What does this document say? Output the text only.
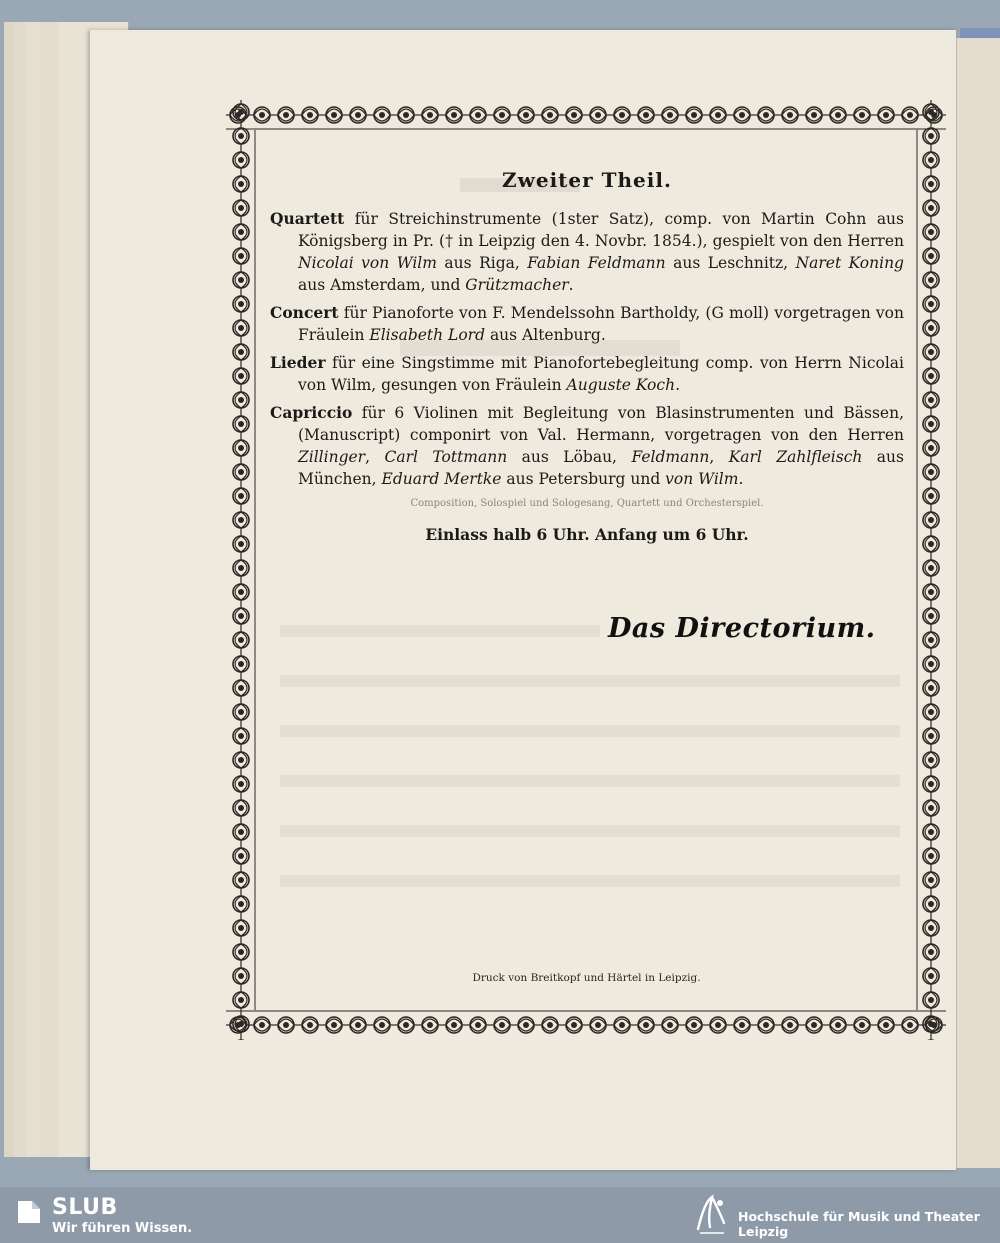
Zweiter Theil.

Quartett für Streichinstrumente (1ster Satz), comp. von Martin Cohn aus Königsberg in Pr. († in Leipzig den 4. Novbr. 1854.), gespielt von den Herren Nicolai von Wilm aus Riga, Fabian Feldmann aus Leschnitz, Naret Koning aus Amsterdam, und Grützmacher.

Concert für Pianoforte von F. Mendelssohn Bartholdy, (G moll) vorgetragen von Fräulein Elisabeth Lord aus Altenburg.

Lieder für eine Singstimme mit Pianofortebegleitung comp. von Herrn Nicolai von Wilm, gesungen von Fräulein Auguste Koch.

Capriccio für 6 Violinen mit Begleitung von Blasinstrumenten und Bässen, (Manuscript) componirt von Val. Hermann, vorgetragen von den Herren Zillinger, Carl Tottmann aus Löbau, Feldmann, Karl Zahlfleisch aus München, Eduard Mertke aus Petersburg und von Wilm.

Composition, Solospiel und Sologesang, Quartett und Orchesterspiel.
Einlass halb 6 Uhr. Anfang um 6 Uhr.
Das Directorium.
Druck von Breitkopf und Härtel in Leipzig.
SLUB
Wir führen Wissen.
Hochschule für Musik und Theater Leipzig
